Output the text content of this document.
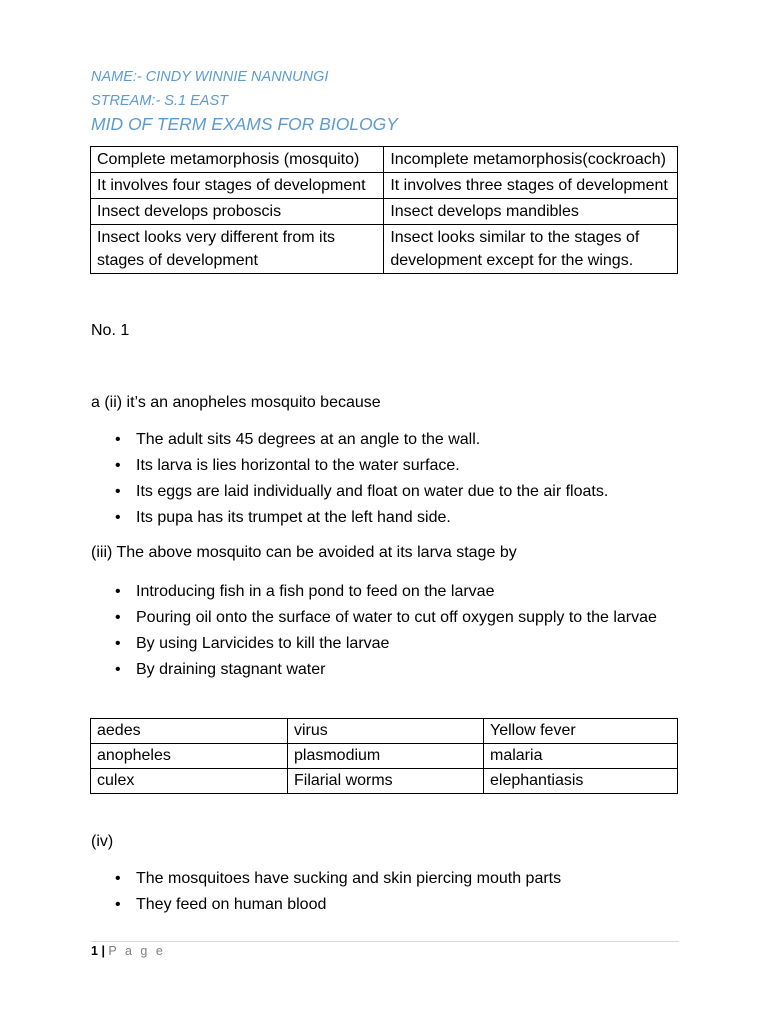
NAME:- CINDY WINNIE NANNUNGI
STREAM:- S.1 EAST
MID OF TERM EXAMS FOR BIOLOGY
Complete metamorphosis (mosquito)	Incomplete metamorphosis(cockroach)
It involves four stages of development	It involves three stages of development
Insect develops proboscis	Insect develops mandibles
Insect looks very different from its stages of development	Insect looks similar to the stages of development except for the wings.
No. 1
a (ii) it’s an anopheles mosquito because
• The adult sits 45 degrees at an angle to the wall.
• Its larva is lies horizontal to the water surface.
• Its eggs are laid individually and float on water due to the air floats.
• Its pupa has its trumpet at the left hand side.
(iii) The above mosquito can be avoided at its larva stage by
• Introducing fish in a fish pond to feed on the larvae
• Pouring oil onto the surface of water to cut off oxygen supply to the larvae
• By using Larvicides to kill the larvae
• By draining stagnant water
aedes	virus	Yellow fever
anopheles	plasmodium	malaria
culex	Filarial worms	elephantiasis
(iv)
• The mosquitoes have sucking and skin piercing mouth parts
• They feed on human blood
1 | P a g e
